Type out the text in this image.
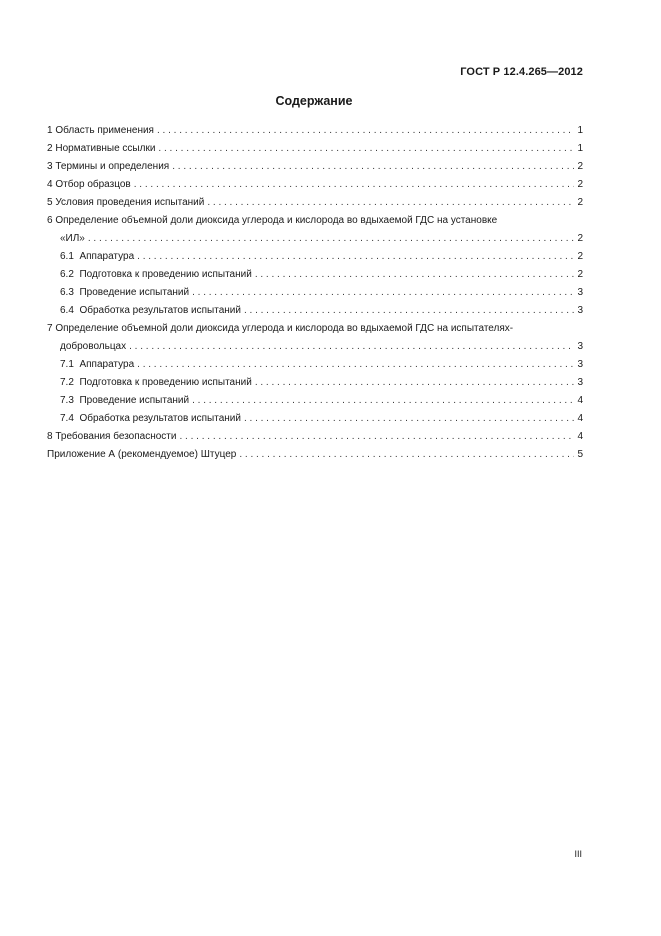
ГОСТ Р 12.4.265—2012
Содержание
1 Область применения . . .	1
2 Нормативные ссылки . . .	1
3 Термины и определения . . .	2
4 Отбор образцов . . .	2
5 Условия проведения испытаний . . .	2
6 Определение объемной доли диоксида углерода и кислорода во вдыхаемой ГДС на установке
«ИЛ» . . .	2
6.1 Аппаратура . . .	2
6.2 Подготовка к проведению испытаний . . .	2
6.3 Проведение испытаний . . .	3
6.4 Обработка результатов испытаний . . .	3
7 Определение объемной доли диоксида углерода и кислорода во вдыхаемой ГДС на испытателях-
добровольцах . . .	3
7.1 Аппаратура . . .	3
7.2 Подготовка к проведению испытаний . . .	3
7.3 Проведение испытаний . . .	4
7.4 Обработка результатов испытаний . . .	4
8 Требования безопасности . . .	4
Приложение А (рекомендуемое) Штуцер . . .	5
III
